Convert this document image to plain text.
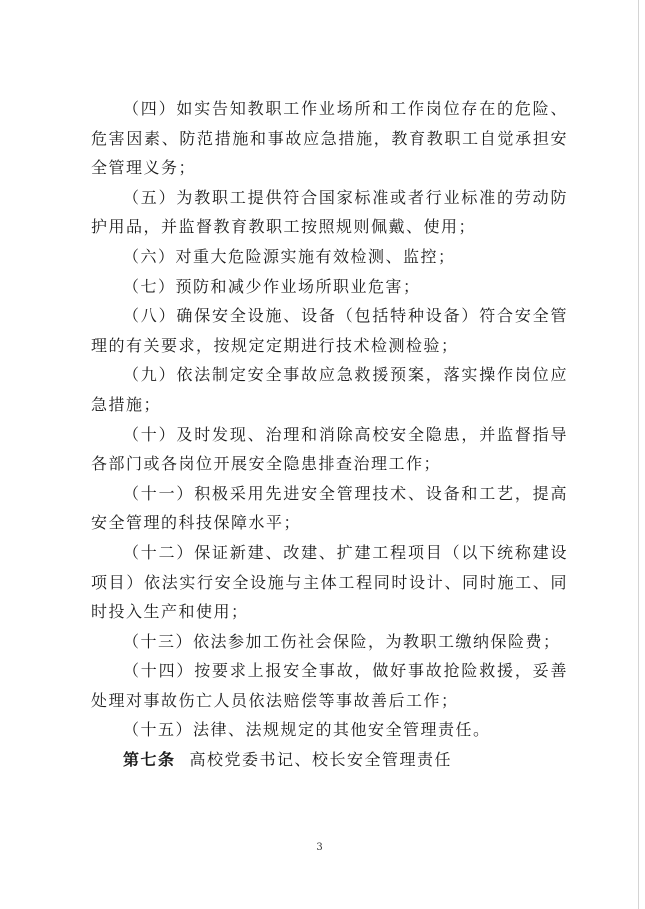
（四）如实告知教职工作业场所和工作岗位存在的危险、危害因素、防范措施和事故应急措施，教育教职工自觉承担安全管理义务；

（五）为教职工提供符合国家标准或者行业标准的劳动防护用品，并监督教育教职工按照规则佩戴、使用；

（六）对重大危险源实施有效检测、监控；

（七）预防和减少作业场所职业危害；

（八）确保安全设施、设备（包括特种设备）符合安全管理的有关要求，按规定定期进行技术检测检验；

（九）依法制定安全事故应急救援预案，落实操作岗位应急措施；

（十）及时发现、治理和消除高校安全隐患，并监督指导各部门或各岗位开展安全隐患排查治理工作；

（十一）积极采用先进安全管理技术、设备和工艺，提高安全管理的科技保障水平；

（十二）保证新建、改建、扩建工程项目（以下统称建设项目）依法实行安全设施与主体工程同时设计、同时施工、同时投入生产和使用；

（十三）依法参加工伤社会保险，为教职工缴纳保险费；

（十四）按要求上报安全事故，做好事故抢险救援，妥善处理对事故伤亡人员依法赔偿等事故善后工作；

（十五）法律、法规规定的其他安全管理责任。

第七条 高校党委书记、校长安全管理责任

3
